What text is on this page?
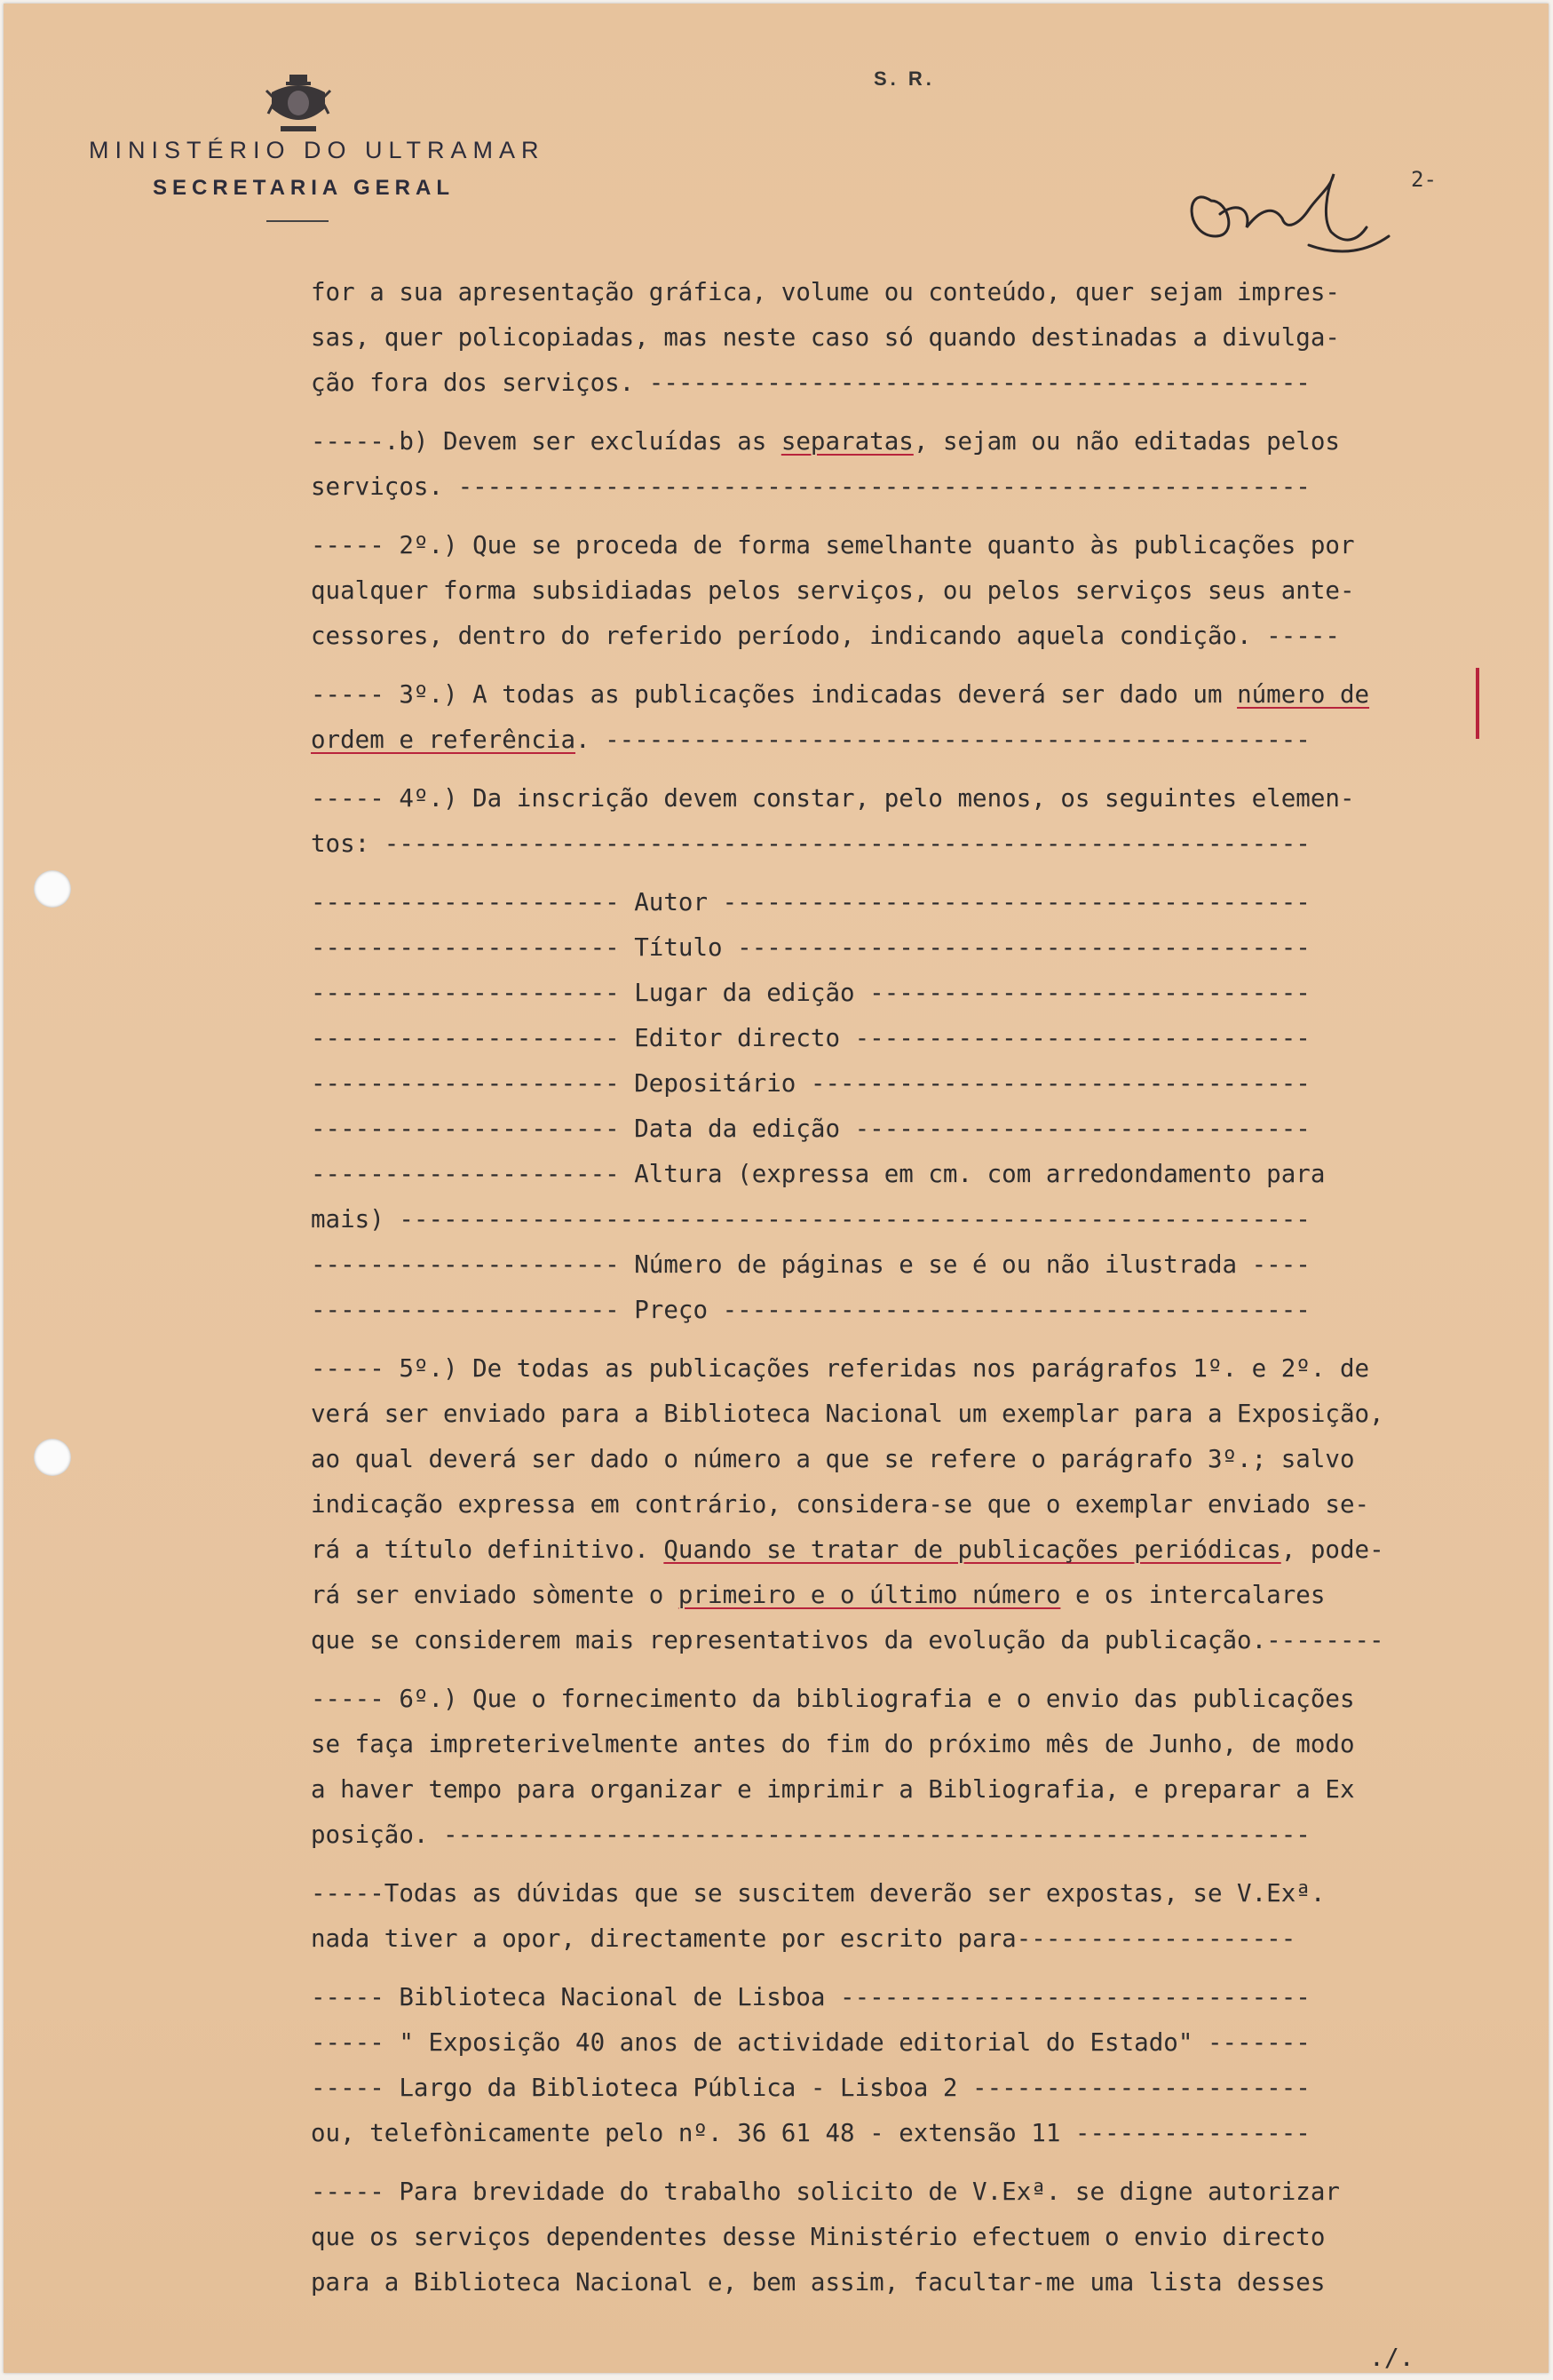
S. R.
MINISTÉRIO DO ULTRAMAR
SECRETARIA GERAL	2-
for a sua apresentação gráfica, volume ou conteúdo, quer sejam impres-
sas, quer policopiadas, mas neste caso só quando destinadas a divulga-
ção fora dos serviços. ---------------------------------------------
-----.b) Devem ser excluídas as separatas, sejam ou não editadas pelos
serviços. ----------------------------------------------------------
----- 2º.) Que se proceda de forma semelhante quanto às publicações por
qualquer forma subsidiadas pelos serviços, ou pelos serviços seus ante-
cessores, dentro do referido período, indicando aquela condição. -----
----- 3º.) A todas as publicações indicadas deverá ser dado um número de
ordem e referência. ------------------------------------------------
----- 4º.) Da inscrição devem constar, pelo menos, os seguintes elemen-
tos: ---------------------------------------------------------------
--------------------- Autor ----------------------------------------
--------------------- Título ---------------------------------------
--------------------- Lugar da edição ------------------------------
--------------------- Editor directo -------------------------------
--------------------- Depositário ----------------------------------
--------------------- Data da edição -------------------------------
--------------------- Altura (expressa em cm. com arredondamento para
mais) --------------------------------------------------------------
--------------------- Número de páginas e se é ou não ilustrada ----
--------------------- Preço ----------------------------------------
----- 5º.) De todas as publicações referidas nos parágrafos 1º. e 2º. de
verá ser enviado para a Biblioteca Nacional um exemplar para a Exposição,
ao qual deverá ser dado o número a que se refere o parágrafo 3º.; salvo
indicação expressa em contrário, considera-se que o exemplar enviado se-
rá a título definitivo. Quando se tratar de publicações periódicas, pode-
rá ser enviado sòmente o primeiro e o último número e os intercalares
que se considerem mais representativos da evolução da publicação.--------
----- 6º.) Que o fornecimento da bibliografia e o envio das publicações
se faça impreterivelmente antes do fim do próximo mês de Junho, de modo
a haver tempo para organizar e imprimir a Bibliografia, e preparar a Ex
posição. -----------------------------------------------------------
-----Todas as dúvidas que se suscitem deverão ser expostas, se V.Exª.
nada tiver a opor, directamente por escrito para-------------------
----- Biblioteca Nacional de Lisboa --------------------------------
----- " Exposição 40 anos de actividade editorial do Estado" -------
----- Largo da Biblioteca Pública - Lisboa 2 -----------------------
ou, telefònicamente pelo nº. 36 61 48 - extensão 11 ----------------
----- Para brevidade do trabalho solicito de V.Exª. se digne autorizar
que os serviços dependentes desse Ministério efectuem o envio directo
para a Biblioteca Nacional e, bem assim, facultar-me uma lista desses
./.
